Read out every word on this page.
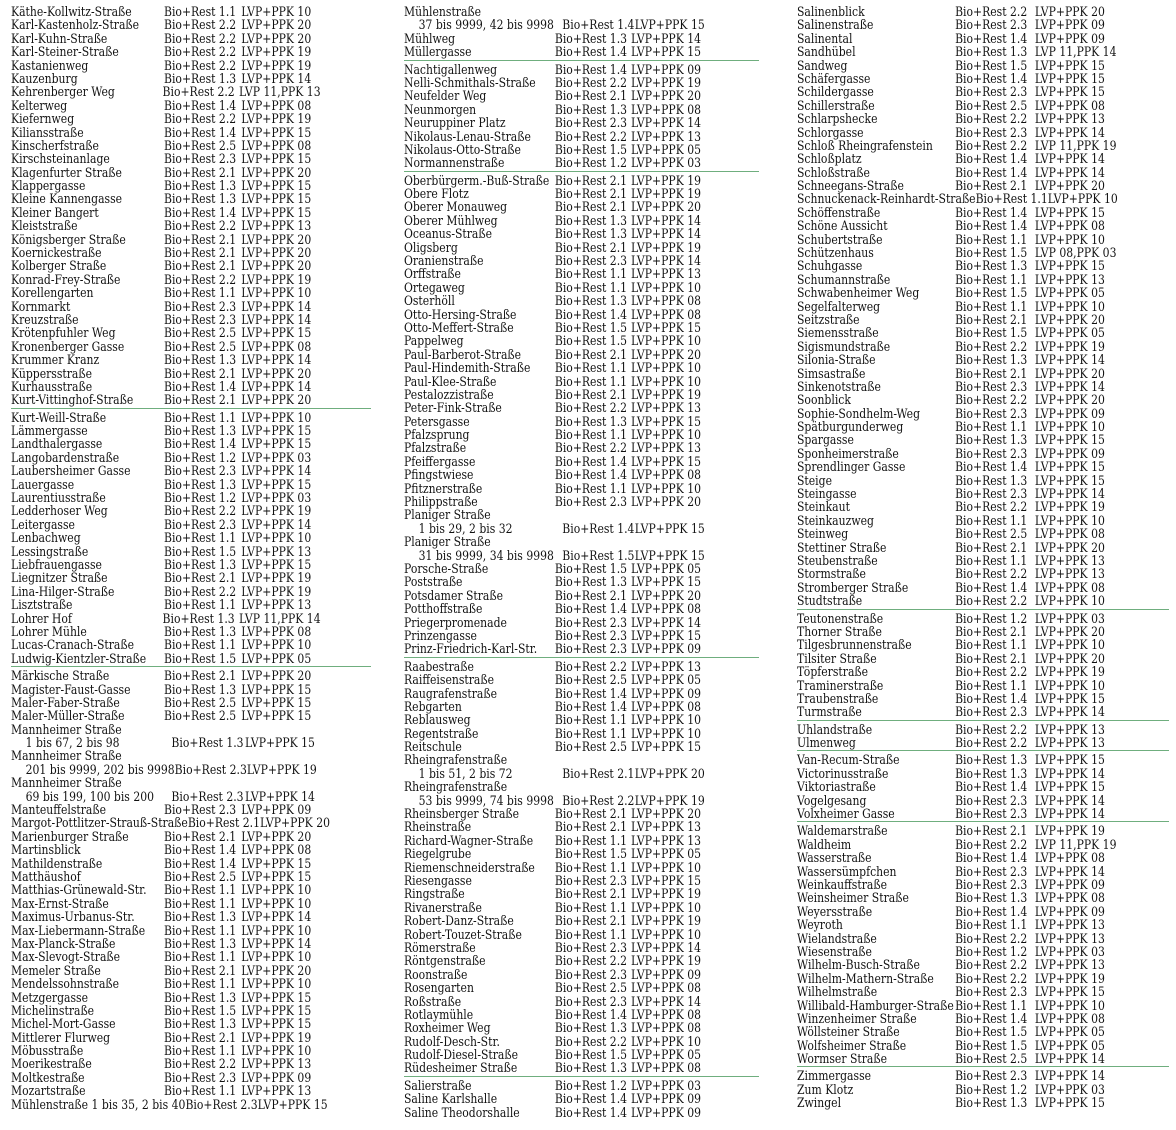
Käthe-Kollwitz-Straße	Bio+Rest 1.1 LVP+PPK 10
Karl-Kastenholz-Straße	Bio+Rest 2.2 LVP+PPK 20
Karl-Kuhn-Straße	Bio+Rest 2.2 LVP+PPK 20
Karl-Steiner-Straße	Bio+Rest 2.2 LVP+PPK 19
Kastanienweg	Bio+Rest 2.2 LVP+PPK 19
Kauzenburg	Bio+Rest 1.3 LVP+PPK 14
Kehrenberger Weg	Bio+Rest 2.2 LVP 11,PPK 13
Kelterweg	Bio+Rest 1.4 LVP+PPK 08
Kiefernweg	Bio+Rest 2.2 LVP+PPK 19
Kiliansstraße	Bio+Rest 1.4 LVP+PPK 15
Kinscherfstraße	Bio+Rest 2.5 LVP+PPK 08
Kirschsteinanlage	Bio+Rest 2.3 LVP+PPK 15
Klagenfurter Straße	Bio+Rest 2.1 LVP+PPK 20
Klappergasse	Bio+Rest 1.3 LVP+PPK 15
Kleine Kannengasse	Bio+Rest 1.3 LVP+PPK 15
Kleiner Bangert	Bio+Rest 1.4 LVP+PPK 15
Kleiststraße	Bio+Rest 2.2 LVP+PPK 13
Königsberger Straße	Bio+Rest 2.1 LVP+PPK 20
Koernickestraße	Bio+Rest 2.1 LVP+PPK 20
Kolberger Straße	Bio+Rest 2.1 LVP+PPK 20
Konrad-Frey-Straße	Bio+Rest 2.2 LVP+PPK 19
Korellengarten	Bio+Rest 1.1 LVP+PPK 10
Kornmarkt	Bio+Rest 2.3 LVP+PPK 14
Kreuzstraße	Bio+Rest 2.3 LVP+PPK 14
Krötenpfuhler Weg	Bio+Rest 2.5 LVP+PPK 15
Kronenberger Gasse	Bio+Rest 2.5 LVP+PPK 08
Krummer Kranz	Bio+Rest 1.3 LVP+PPK 14
Küppersstraße	Bio+Rest 2.1 LVP+PPK 20
Kurhausstraße	Bio+Rest 1.4 LVP+PPK 14
Kurt-Vittinghof-Straße	Bio+Rest 2.1 LVP+PPK 20
Kurt-Weill-Straße	Bio+Rest 1.1 LVP+PPK 10
Lämmergasse	Bio+Rest 1.3 LVP+PPK 15
Landthalergasse	Bio+Rest 1.4 LVP+PPK 15
Langobardenstraße	Bio+Rest 1.2 LVP+PPK 03
Laubersheimer Gasse	Bio+Rest 2.3 LVP+PPK 14
Lauergasse	Bio+Rest 1.3 LVP+PPK 15
Laurentiusstraße	Bio+Rest 1.2 LVP+PPK 03
Ledderhoser Weg	Bio+Rest 2.2 LVP+PPK 19
Leitergasse	Bio+Rest 2.3 LVP+PPK 14
Lenbachweg	Bio+Rest 1.1 LVP+PPK 10
Lessingstraße	Bio+Rest 1.5 LVP+PPK 13
Liebfrauengasse	Bio+Rest 1.3 LVP+PPK 15
Liegnitzer Straße	Bio+Rest 2.1 LVP+PPK 19
Lina-Hilger-Straße	Bio+Rest 2.2 LVP+PPK 19
Lisztstraße	Bio+Rest 1.1 LVP+PPK 13
Lohrer Hof	Bio+Rest 1.3 LVP 11,PPK 14
Lohrer Mühle	Bio+Rest 1.3 LVP+PPK 08
Lucas-Cranach-Straße	Bio+Rest 1.1 LVP+PPK 10
Ludwig-Kientzler-Straße	Bio+Rest 1.5 LVP+PPK 05
Märkische Straße	Bio+Rest 2.1 LVP+PPK 20
Magister-Faust-Gasse	Bio+Rest 1.3 LVP+PPK 15
Maler-Faber-Straße	Bio+Rest 2.5 LVP+PPK 15
Maler-Müller-Straße	Bio+Rest 2.5 LVP+PPK 15
Mannheimer Straße
1 bis 67, 2 bis 98	Bio+Rest 1.3 LVP+PPK 15
Mannheimer Straße
201 bis 9999, 202 bis 9998 Bio+Rest 2.3 LVP+PPK 19
Mannheimer Straße
69 bis 199, 100 bis 200	Bio+Rest 2.3 LVP+PPK 14
Manteuffelstraße	Bio+Rest 2.3 LVP+PPK 09
Margot-Pottlitzer-Strauß-Straße Bio+Rest 2.1 LVP+PPK 20
Marienburger Straße	Bio+Rest 2.1 LVP+PPK 20
Martinsblick	Bio+Rest 1.4 LVP+PPK 08
Mathildenstraße	Bio+Rest 1.4 LVP+PPK 15
Matthäushof	Bio+Rest 2.5 LVP+PPK 15
Matthias-Grünewald-Str.	Bio+Rest 1.1 LVP+PPK 10
Max-Ernst-Straße	Bio+Rest 1.1 LVP+PPK 10
Maximus-Urbanus-Str.	Bio+Rest 1.3 LVP+PPK 14
Max-Liebermann-Straße	Bio+Rest 1.1 LVP+PPK 10
Max-Planck-Straße	Bio+Rest 1.3 LVP+PPK 14
Max-Slevogt-Straße	Bio+Rest 1.1 LVP+PPK 10
Memeler Straße	Bio+Rest 2.1 LVP+PPK 20
Mendelssohnstraße	Bio+Rest 1.1 LVP+PPK 10
Metzgergasse	Bio+Rest 1.3 LVP+PPK 15
Michelinstraße	Bio+Rest 1.5 LVP+PPK 15
Michel-Mort-Gasse	Bio+Rest 1.3 LVP+PPK 15
Mittlerer Flurweg	Bio+Rest 2.1 LVP+PPK 19
Möbusstraße	Bio+Rest 1.1 LVP+PPK 10
Moerikestraße	Bio+Rest 2.2 LVP+PPK 13
Moltkestraße	Bio+Rest 2.3 LVP+PPK 09
Mozartstraße	Bio+Rest 1.1 LVP+PPK 13
Mühlenstraße 1 bis 35, 2 bis 40 Bio+Rest 2.3 LVP+PPK 15
Mühlenstraße
37 bis 9999, 42 bis 9998 Bio+Rest 1.4 LVP+PPK 15
Mühlweg	Bio+Rest 1.3 LVP+PPK 14
Müllergasse	Bio+Rest 1.4 LVP+PPK 15
Nachtigallenweg	Bio+Rest 1.4 LVP+PPK 09
Nelli-Schmithals-Straße	Bio+Rest 2.2 LVP+PPK 19
Neufelder Weg	Bio+Rest 2.1 LVP+PPK 20
Neunmorgen	Bio+Rest 1.3 LVP+PPK 08
Neuruppiner Platz	Bio+Rest 2.3 LVP+PPK 14
Nikolaus-Lenau-Straße	Bio+Rest 2.2 LVP+PPK 13
Nikolaus-Otto-Straße	Bio+Rest 1.5 LVP+PPK 05
Normannenstraße	Bio+Rest 1.2 LVP+PPK 03
Oberbürgerm.-Buß-Straße Bio+Rest 2.1 LVP+PPK 19
Obere Flotz	Bio+Rest 2.1 LVP+PPK 19
Oberer Monauweg	Bio+Rest 2.1 LVP+PPK 20
Oberer Mühlweg	Bio+Rest 1.3 LVP+PPK 14
Oceanus-Straße	Bio+Rest 1.3 LVP+PPK 14
Oligsberg	Bio+Rest 2.1 LVP+PPK 19
Oranienstraße	Bio+Rest 2.3 LVP+PPK 14
Orffstraße	Bio+Rest 1.1 LVP+PPK 13
Ortegaweg	Bio+Rest 1.1 LVP+PPK 10
Osterhöll	Bio+Rest 1.3 LVP+PPK 08
Otto-Hersing-Straße	Bio+Rest 1.4 LVP+PPK 08
Otto-Meffert-Straße	Bio+Rest 1.5 LVP+PPK 15
Pappelweg	Bio+Rest 1.5 LVP+PPK 10
Paul-Barberot-Straße	Bio+Rest 2.1 LVP+PPK 20
Paul-Hindemith-Straße	Bio+Rest 1.1 LVP+PPK 10
Paul-Klee-Straße	Bio+Rest 1.1 LVP+PPK 10
Pestalozzistraße	Bio+Rest 2.1 LVP+PPK 19
Peter-Fink-Straße	Bio+Rest 2.2 LVP+PPK 13
Petersgasse	Bio+Rest 1.3 LVP+PPK 15
Pfalzsprung	Bio+Rest 1.1 LVP+PPK 10
Pfalzstraße	Bio+Rest 2.2 LVP+PPK 13
Pfeiffergasse	Bio+Rest 1.4 LVP+PPK 15
Pfingstwiese	Bio+Rest 1.4 LVP+PPK 08
Pfitznerstraße	Bio+Rest 1.1 LVP+PPK 10
Philippstraße	Bio+Rest 2.3 LVP+PPK 20
Planiger Straße
1 bis 29, 2 bis 32	Bio+Rest 1.4 LVP+PPK 15
Planiger Straße
31 bis 9999, 34 bis 9998 Bio+Rest 1.5 LVP+PPK 15
Porsche-Straße	Bio+Rest 1.5 LVP+PPK 05
Poststraße	Bio+Rest 1.3 LVP+PPK 15
Potsdamer Straße	Bio+Rest 2.1 LVP+PPK 20
Potthoffstraße	Bio+Rest 1.4 LVP+PPK 08
Priegerpromenade	Bio+Rest 2.3 LVP+PPK 14
Prinzengasse	Bio+Rest 2.3 LVP+PPK 15
Prinz-Friedrich-Karl-Str.	Bio+Rest 2.3 LVP+PPK 09
Raabestraße	Bio+Rest 2.2 LVP+PPK 13
Raiffeisenstraße	Bio+Rest 2.5 LVP+PPK 05
Raugrafenstraße	Bio+Rest 1.4 LVP+PPK 09
Rebgarten	Bio+Rest 1.4 LVP+PPK 08
Reblausweg	Bio+Rest 1.1 LVP+PPK 10
Regentstraße	Bio+Rest 1.1 LVP+PPK 10
Reitschule	Bio+Rest 2.5 LVP+PPK 15
Rheingrafenstraße
1 bis 51, 2 bis 72	Bio+Rest 2.1 LVP+PPK 20
Rheingrafenstraße
53 bis 9999, 74 bis 9998 Bio+Rest 2.2 LVP+PPK 19
Rheinsberger Straße	Bio+Rest 2.1 LVP+PPK 20
Rheinstraße	Bio+Rest 2.1 LVP+PPK 13
Richard-Wagner-Straße	Bio+Rest 1.1 LVP+PPK 13
Riegelgrube	Bio+Rest 1.5 LVP+PPK 05
Riemenschneiderstraße	Bio+Rest 1.1 LVP+PPK 10
Riesengasse	Bio+Rest 2.3 LVP+PPK 15
Ringstraße	Bio+Rest 2.1 LVP+PPK 19
Rivanerstraße	Bio+Rest 1.1 LVP+PPK 10
Robert-Danz-Straße	Bio+Rest 2.1 LVP+PPK 19
Robert-Touzet-Straße	Bio+Rest 1.1 LVP+PPK 10
Römerstraße	Bio+Rest 2.3 LVP+PPK 14
Röntgenstraße	Bio+Rest 2.2 LVP+PPK 19
Roonstraße	Bio+Rest 2.3 LVP+PPK 09
Rosengarten	Bio+Rest 2.5 LVP+PPK 08
Roßstraße	Bio+Rest 2.3 LVP+PPK 14
Rotlaymühle	Bio+Rest 1.4 LVP+PPK 08
Roxheimer Weg	Bio+Rest 1.3 LVP+PPK 08
Rudolf-Desch-Str.	Bio+Rest 2.2 LVP+PPK 10
Rudolf-Diesel-Straße	Bio+Rest 1.5 LVP+PPK 05
Rüdesheimer Straße	Bio+Rest 1.3 LVP+PPK 08
Salierstraße	Bio+Rest 1.2 LVP+PPK 03
Saline Karlshalle	Bio+Rest 1.4 LVP+PPK 09
Saline Theodorshalle	Bio+Rest 1.4 LVP+PPK 09
Salinenblick	Bio+Rest 2.2 LVP+PPK 20
Salinenstraße	Bio+Rest 2.3 LVP+PPK 09
Salinental	Bio+Rest 1.4 LVP+PPK 09
Sandhübel	Bio+Rest 1.3 LVP 11,PPK 14
Sandweg	Bio+Rest 1.5 LVP+PPK 15
Schäfergasse	Bio+Rest 1.4 LVP+PPK 15
Schildergasse	Bio+Rest 2.3 LVP+PPK 15
Schillerstraße	Bio+Rest 2.5 LVP+PPK 08
Schlarpshecke	Bio+Rest 2.2 LVP+PPK 13
Schlorgasse	Bio+Rest 2.3 LVP+PPK 14
Schloß Rheingrafenstein	Bio+Rest 2.2 LVP 11,PPK 19
Schloßplatz	Bio+Rest 1.4 LVP+PPK 14
Schloßstraße	Bio+Rest 1.4 LVP+PPK 14
Schneegans-Straße	Bio+Rest 2.1 LVP+PPK 20
Schnuckenack-Reinhardt-Straße Bio+Rest 1.1 LVP+PPK 10
Schöffenstraße	Bio+Rest 1.4 LVP+PPK 15
Schöne Aussicht	Bio+Rest 1.4 LVP+PPK 08
Schubertstraße	Bio+Rest 1.1 LVP+PPK 10
Schützenhaus	Bio+Rest 1.5 LVP 08,PPK 03
Schuhgasse	Bio+Rest 1.3 LVP+PPK 15
Schumannstraße	Bio+Rest 1.1 LVP+PPK 13
Schwabenheimer Weg	Bio+Rest 1.5 LVP+PPK 05
Segelfalterweg	Bio+Rest 1.1 LVP+PPK 10
Seitzstraße	Bio+Rest 2.1 LVP+PPK 20
Siemensstraße	Bio+Rest 1.5 LVP+PPK 05
Sigismundstraße	Bio+Rest 2.2 LVP+PPK 19
Silonia-Straße	Bio+Rest 1.3 LVP+PPK 14
Simsastraße	Bio+Rest 2.1 LVP+PPK 20
Sinkenotstraße	Bio+Rest 2.3 LVP+PPK 14
Soonblick	Bio+Rest 2.2 LVP+PPK 20
Sophie-Sondhelm-Weg	Bio+Rest 2.3 LVP+PPK 09
Spätburgunderweg	Bio+Rest 1.1 LVP+PPK 10
Spargasse	Bio+Rest 1.3 LVP+PPK 15
Sponheimerstraße	Bio+Rest 2.3 LVP+PPK 09
Sprendlinger Gasse	Bio+Rest 1.4 LVP+PPK 15
Steige	Bio+Rest 1.3 LVP+PPK 15
Steingasse	Bio+Rest 2.3 LVP+PPK 14
Steinkaut	Bio+Rest 2.2 LVP+PPK 19
Steinkauzweg	Bio+Rest 1.1 LVP+PPK 10
Steinweg	Bio+Rest 2.5 LVP+PPK 08
Stettiner Straße	Bio+Rest 2.1 LVP+PPK 20
Steubenstraße	Bio+Rest 1.1 LVP+PPK 13
Stormstraße	Bio+Rest 2.2 LVP+PPK 13
Stromberger Straße	Bio+Rest 1.4 LVP+PPK 08
Studtstraße	Bio+Rest 2.2 LVP+PPK 10
Teutonenstraße	Bio+Rest 1.2 LVP+PPK 03
Thorner Straße	Bio+Rest 2.1 LVP+PPK 20
Tilgesbrunnenstraße	Bio+Rest 1.1 LVP+PPK 10
Tilsiter Straße	Bio+Rest 2.1 LVP+PPK 20
Töpferstraße	Bio+Rest 2.2 LVP+PPK 19
Traminerstraße	Bio+Rest 1.1 LVP+PPK 10
Traubenstraße	Bio+Rest 1.4 LVP+PPK 15
Turmstraße	Bio+Rest 2.3 LVP+PPK 14
Uhlandstraße	Bio+Rest 2.2 LVP+PPK 13
Ulmenweg	Bio+Rest 2.2 LVP+PPK 13
Van-Recum-Straße	Bio+Rest 1.3 LVP+PPK 15
Victorinusstraße	Bio+Rest 1.3 LVP+PPK 14
Viktoriastraße	Bio+Rest 1.4 LVP+PPK 15
Vogelgesang	Bio+Rest 2.3 LVP+PPK 14
Volxheimer Gasse	Bio+Rest 2.3 LVP+PPK 14
Waldemarstraße	Bio+Rest 2.1 LVP+PPK 19
Waldheim	Bio+Rest 2.2 LVP 11,PPK 19
Wasserstraße	Bio+Rest 1.4 LVP+PPK 08
Wassersümpfchen	Bio+Rest 2.3 LVP+PPK 14
Weinkauffstraße	Bio+Rest 2.3 LVP+PPK 09
Weinsheimer Straße	Bio+Rest 1.3 LVP+PPK 08
Weyersstraße	Bio+Rest 1.4 LVP+PPK 09
Weyroth	Bio+Rest 1.1 LVP+PPK 13
Wielandstraße	Bio+Rest 2.2 LVP+PPK 13
Wiesenstraße	Bio+Rest 1.2 LVP+PPK 03
Wilhelm-Busch-Straße	Bio+Rest 2.2 LVP+PPK 13
Wilhelm-Mathern-Straße	Bio+Rest 2.2 LVP+PPK 19
Wilhelmstraße	Bio+Rest 2.3 LVP+PPK 15
Willibald-Hamburger-Straße Bio+Rest 1.1 LVP+PPK 10
Winzenheimer Straße	Bio+Rest 1.4 LVP+PPK 08
Wöllsteiner Straße	Bio+Rest 1.5 LVP+PPK 05
Wolfsheimer Straße	Bio+Rest 1.5 LVP+PPK 05
Wormser Straße	Bio+Rest 2.5 LVP+PPK 14
Zimmergasse	Bio+Rest 2.3 LVP+PPK 14
Zum Klotz	Bio+Rest 1.2 LVP+PPK 03
Zwingel	Bio+Rest 1.3 LVP+PPK 15
